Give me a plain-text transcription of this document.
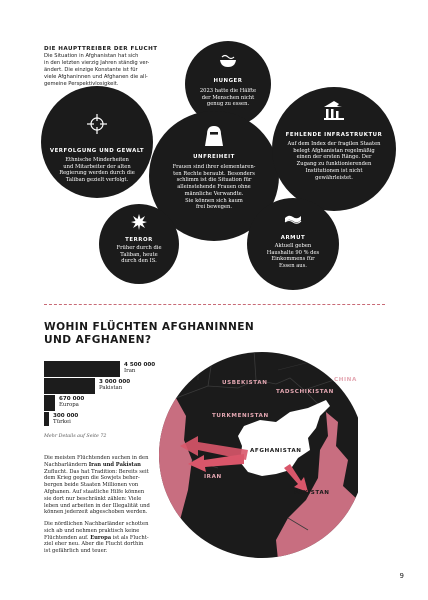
DIE HAUPTTREIBER DER FLUCHT
Die Situation in Afghanistan hat sich
in den letzten vierzig Jahren ständig ver-
ändert. Die einzige Konstante ist für
viele Afghaninnen und Afghanen die all-
gemeine Perspektivlosigkeit.	HUNGER
2023 hatte die Hälfte
der Menschen nicht
genug zu essen.
VERFOLGUNG UND GEWALT
Ethnische Minderheiten
und Mitarbeiter der alten
Regierung werden durch die
Taliban gezielt verfolgt.
UNFREIHEIT
Frauen sind ihrer elementaren-
ten Rechte beraubt. Besonders
schlimm ist die Situation für
alleinstehende Frauen ohne
männliche Verwandte.
Sie können sich kaum
frei bewegen.
FEHLENDE INFRASTRUKTUR
Auf dem Index der fragilen Staaten
belegt Afghanistan regelmäßig
einen der ersten Ränge. Der
Zugang zu funktionierenden
Institutionen ist nicht
gewährleistet.
TERROR
Früher durch die
Taliban, heute
durch den IS.
ARMUT
Aktuell geben
Haushalte 90 % des
Einkommens für
Essen aus.
WOHIN FLÜCHTEN AFGHANINNEN
UND AFGHANEN?
4 500 000
Iran
3 000 000
Pakistan
670 000
Europa
300 000
Türkei
Mehr Details auf Seite 72
Die meisten Flüchtenden suchen in den
Nachbarländern Iran und Pakistan
Zuflucht. Das hat Tradition: Bereits seit
dem Krieg gegen die Sowjets beher-
bergen beide Staaten Millionen von
Afghanen. Auf staatliche Hilfe können
sie dort nur beschränkt zählen: Viele
leben und arbeiten in der Illegalität und
können jederzeit abgeschoben werden.
Die nördlichen Nachbarländer schotten
sich ab und nehmen praktisch keine
Flüchtenden auf. Europa ist als Flucht-
ziel eher neu. Aber die Flucht dorthin
ist gefährlich und teuer.
USBEKISTAN	CHINA
TADSCHIKISTAN
TURKMENISTAN
AFGHANISTAN
IRAN
PAKISTAN
9
